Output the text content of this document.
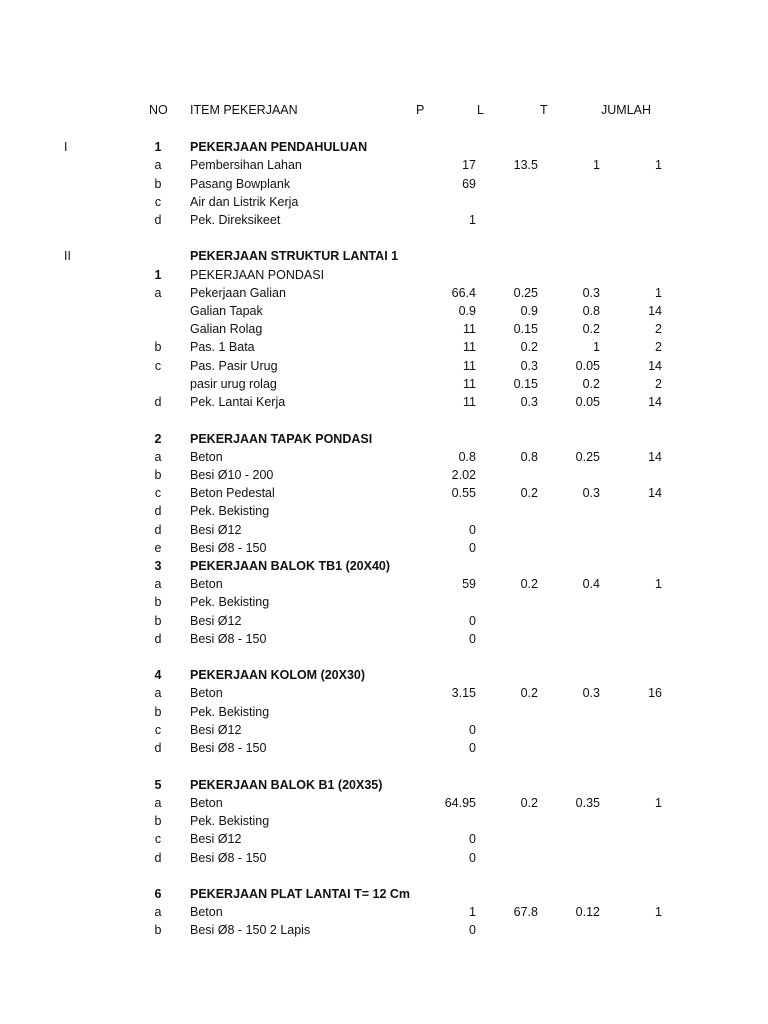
NO ITEM PEKERJAAN	P	L	T	JUMLAH
I	1	PEKERJAAN PENDAHULUAN
a	Pembersihan Lahan	17	13.5	1	1
b	Pasang Bowplank	69
c	Air dan Listrik Kerja
d	Pek. Direksikeet	1
II	PEKERJAAN STRUKTUR LANTAI 1
1	PEKERJAAN PONDASI
a	Pekerjaan Galian	66.4	0.25	0.3	1
Galian Tapak	0.9	0.9	0.8	14
Galian Rolag	11	0.15	0.2	2
b	Pas. 1 Bata	11	0.2	1	2
c	Pas. Pasir Urug	11	0.3	0.05	14
pasir urug rolag	11	0.15	0.2	2
d	Pek. Lantai Kerja	11	0.3	0.05	14
2	PEKERJAAN TAPAK PONDASI
a	Beton	0.8	0.8	0.25	14
b	Besi Ø10 - 200	2.02
c	Beton Pedestal	0.55	0.2	0.3	14
d	Pek. Bekisting
d	Besi Ø12	0
e	Besi Ø8 - 150	0
3	PEKERJAAN BALOK TB1 (20X40)
a	Beton	59	0.2	0.4	1
b	Pek. Bekisting
b	Besi Ø12	0
d	Besi Ø8 - 150	0
4	PEKERJAAN KOLOM (20X30)
a	Beton	3.15	0.2	0.3	16
b	Pek. Bekisting
c	Besi Ø12	0
d	Besi Ø8 - 150	0
5	PEKERJAAN BALOK B1 (20X35)
a	Beton	64.95	0.2	0.35	1
b	Pek. Bekisting
c	Besi Ø12	0
d	Besi Ø8 - 150	0
6	PEKERJAAN PLAT LANTAI T= 12 Cm
a	Beton	1	67.8	0.12	1
b	Besi Ø8 - 150 2 Lapis	0
